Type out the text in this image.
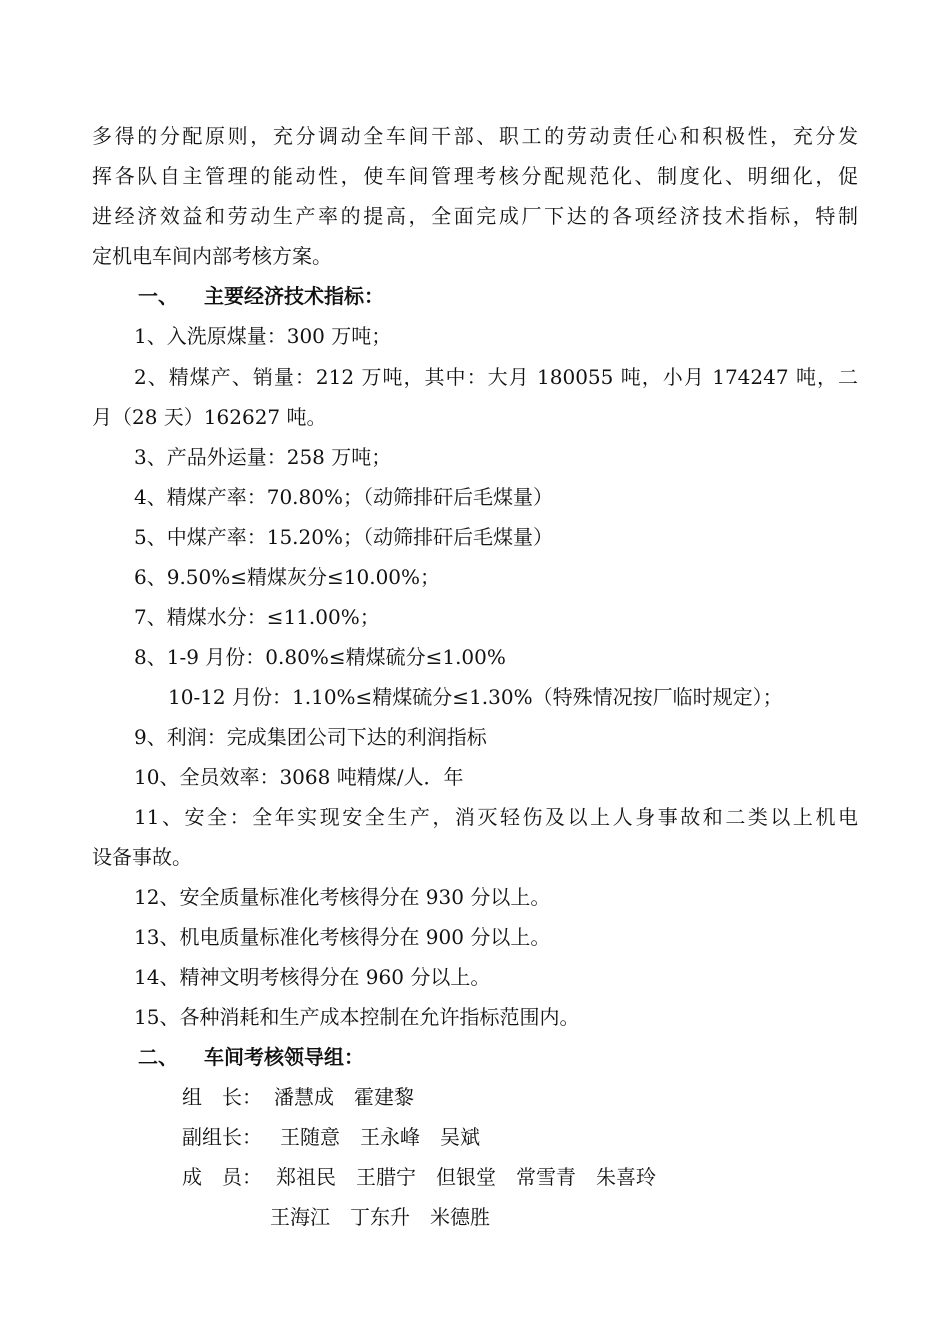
多得的分配原则，充分调动全车间干部、职工的劳动责任心和积极性，充分发
挥各队自主管理的能动性，使车间管理考核分配规范化、制度化、明细化，促
进经济效益和劳动生产率的提高，全面完成厂下达的各项经济技术指标，特制
定机电车间内部考核方案。
一、 主要经济技术指标：
1、入洗原煤量：300 万吨；
2、精煤产、销量：212 万吨，其中：大月 180055 吨，小月 174247 吨，二
月（28 天）162627 吨。
3、产品外运量：258 万吨；
4、精煤产率：70.80%；（动筛排矸后毛煤量）
5、中煤产率：15.20%；（动筛排矸后毛煤量）
6、9.50%≤精煤灰分≤10.00%；
7、精煤水分：≤11.00%；
8、1-9 月份：0.80%≤精煤硫分≤1.00%
10-12 月份：1.10%≤精煤硫分≤1.30%（特殊情况按厂临时规定）；
9、利润：完成集团公司下达的利润指标
10、全员效率：3068 吨精煤/人．年
11、安全：全年实现安全生产，消灭轻伤及以上人身事故和二类以上机电
设备事故。
12、安全质量标准化考核得分在 930 分以上。
13、机电质量标准化考核得分在 900 分以上。
14、精神文明考核得分在 960 分以上。
15、各种消耗和生产成本控制在允许指标范围内。
二、 车间考核领导组：
组　长： 潘慧成　霍建黎
副组长： 王随意　王永峰　吴斌
成　员： 郑祖民　王腊宁　但银堂　常雪青　朱喜玲
王海江　丁东升　米德胜
